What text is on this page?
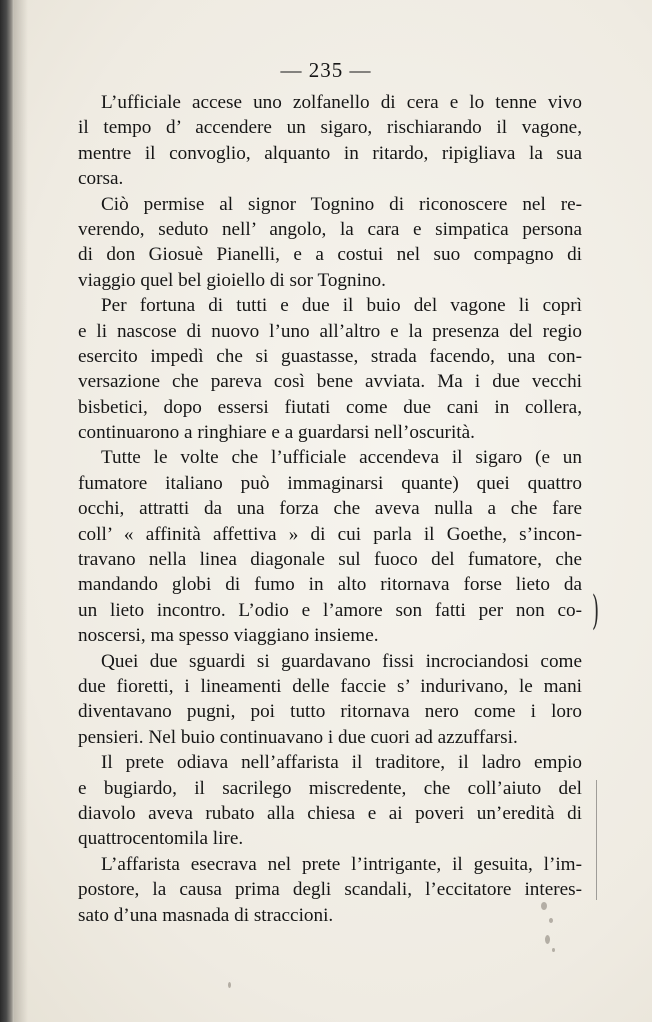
— 235 —
L’ufficiale accese uno zolfanello di cera e lo tenne vivo
il tempo d’ accendere un sigaro, rischiarando il vagone,
mentre il convoglio, alquanto in ritardo, ripigliava la sua
corsa.
Ciò permise al signor Tognino di riconoscere nel re-
verendo, seduto nell’ angolo, la cara e simpatica persona
di don Giosuè Pianelli, e a costui nel suo compagno di
viaggio quel bel gioiello di sor Tognino.
Per fortuna di tutti e due il buio del vagone li coprì
e li nascose di nuovo l’uno all’altro e la presenza del regio
esercito impedì che si guastasse, strada facendo, una con-
versazione che pareva così bene avviata. Ma i due vecchi
bisbetici, dopo essersi fiutati come due cani in collera,
continuarono a ringhiare e a guardarsi nell’oscurità.
Tutte le volte che l’ufficiale accendeva il sigaro (e un
fumatore italiano può immaginarsi quante) quei quattro
occhi, attratti da una forza che aveva nulla a che fare
coll’ « affinità affettiva » di cui parla il Goethe, s’incon-
travano nella linea diagonale sul fuoco del fumatore, che
mandando globi di fumo in alto ritornava forse lieto da
un lieto incontro. L’odio e l’amore son fatti per non co-
noscersi, ma spesso viaggiano insieme.
Quei due sguardi si guardavano fissi incrociandosi come
due fioretti, i lineamenti delle faccie s’ indurivano, le mani
diventavano pugni, poi tutto ritornava nero come i loro
pensieri. Nel buio continuavano i due cuori ad azzuffarsi.
Il prete odiava nell’affarista il traditore, il ladro empio
e bugiardo, il sacrilego miscredente, che coll’aiuto del
diavolo aveva rubato alla chiesa e ai poveri un’eredità di
quattrocentomila lire.
L’affarista esecrava nel prete l’intrigante, il gesuita, l’im-
postore, la causa prima degli scandali, l’eccitatore interes-
sato d’una masnada di straccioni.
)
